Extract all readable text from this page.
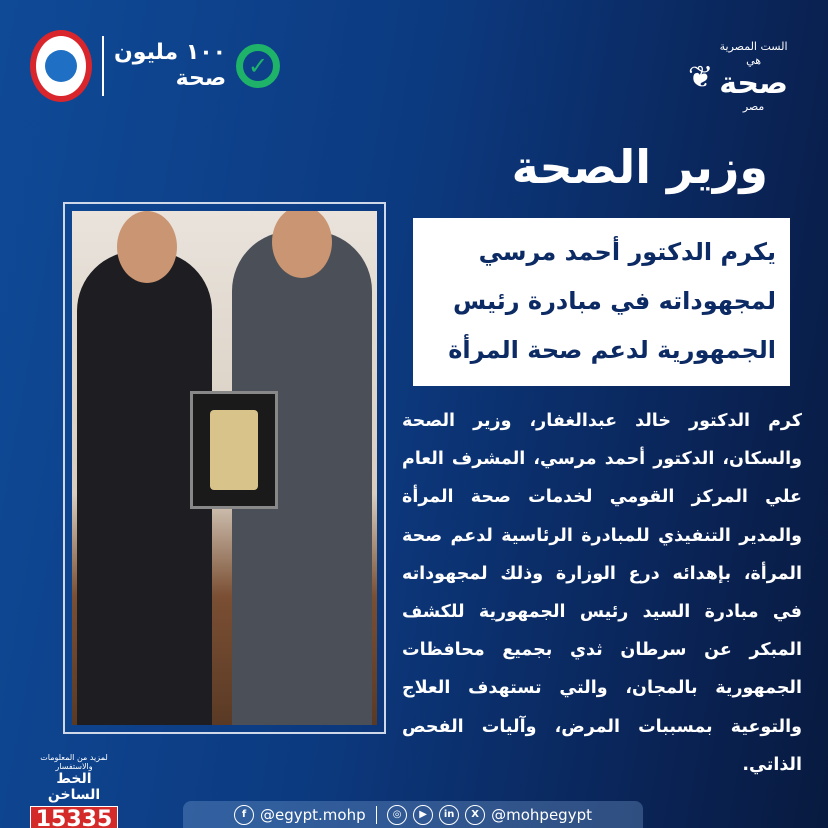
١٠٠ مليون
صحة ✓
الست المصرية
هي
صحة
مصر
❦
وزير الصحة
يكرم الدكتور أحمد مرسي لمجهوداته في مبادرة رئيس الجمهورية لدعم صحة المرأة
كرم الدكتور خالد عبدالغفار، وزير الصحة والسكان، الدكتور أحمد مرسي، المشرف العام علي المركز القومي لخدمات صحة المرأة والمدير التنفيذي للمبادرة الرئاسية لدعم صحة المرأة، بإهدائه درع الوزارة وذلك لمجهوداته في مبادرة السيد رئيس الجمهورية للكشف المبكر عن سرطان ثدي بجميع محافظات الجمهورية بالمجان، والتي تستهدف العلاج والتوعية بمسببات المرض، وآليات الفحص الذاتي.
لمزيد من المعلومات والاستفسار
الخط الساخن
15335	f @egypt.mohp	◎	▶	in	X @mohpegypt
